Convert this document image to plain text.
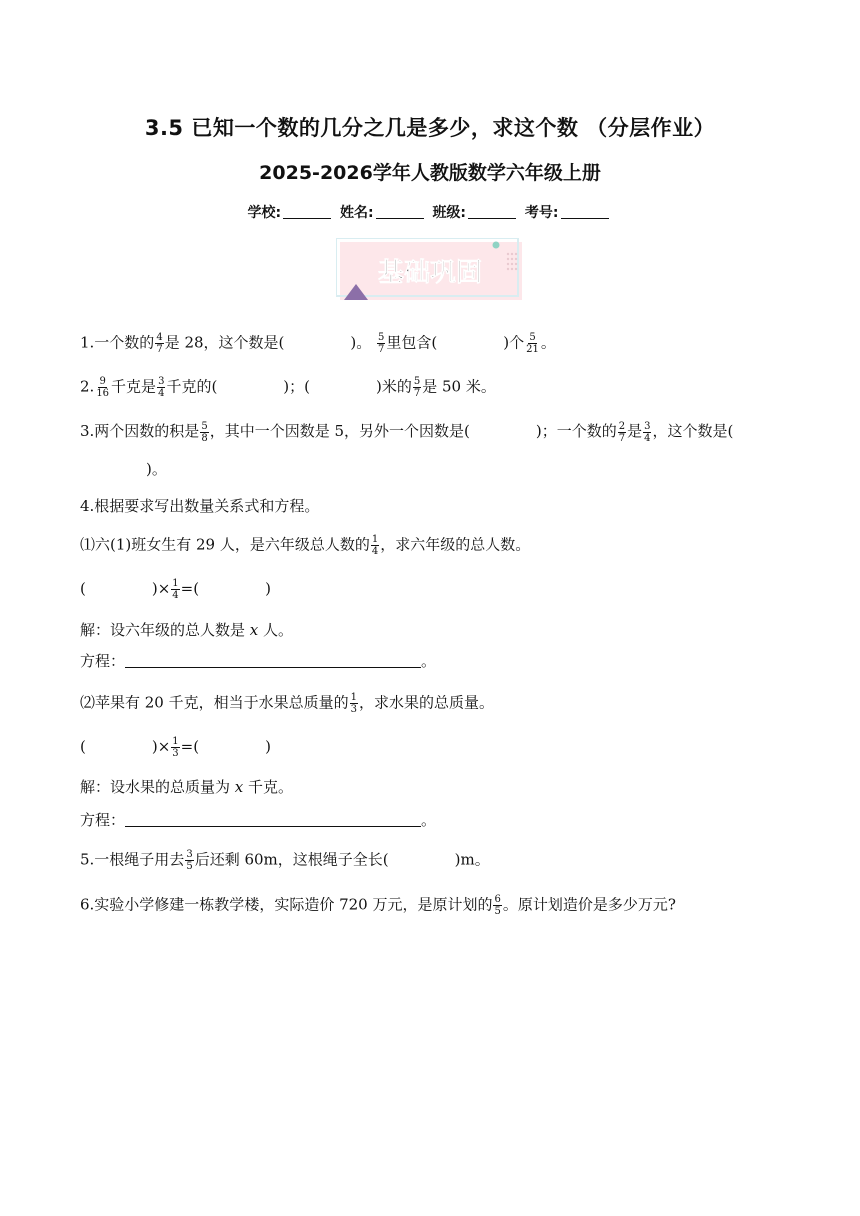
3.5 已知一个数的几分之几是多少，求这个数 （分层作业）
2025-2026学年人教版数学六年级上册
学校:	姓名:	班级:	考号:
基础巩固
1.一个数的 $\frac{4}{7}$ 是 28，这个数是(	)。 $\frac{5}{7}$ 里包含(	)个 $\frac{5}{21}$ 。
2. $\frac{9}{16}$ 千克是 $\frac{3}{4}$ 千克的(	)；(	)米的 $\frac{5}{7}$ 是 50 米。
3.两个因数的积是 $\frac{5}{8}$ ，其中一个因数是 5，另外一个因数是(	)；一个数的 $\frac{2}{7}$ 是 $\frac{3}{4}$ ，这个数是()。
4.根据要求写出数量关系式和方程。
⑴六(1)班女生有 29 人，是六年级总人数的 $\frac{1}{4}$ ，求六年级的总人数。
(	)× $\frac{1}{4}$ =(	)
解：设六年级的总人数是 x 人。
方程：	。
⑵苹果有 20 千克，相当于水果总质量的 $\frac{1}{3}$ ，求水果的总质量。
(	)× $\frac{1}{3}$ =(	)
解：设水果的总质量为 x 千克。
方程：	。
5.一根绳子用去 $\frac{3}{5}$ 后还剩 60m，这根绳子全长(	)m。
6.实验小学修建一栋教学楼，实际造价 720 万元，是原计划的 $\frac{6}{5}$ 。原计划造价是多少万元?
